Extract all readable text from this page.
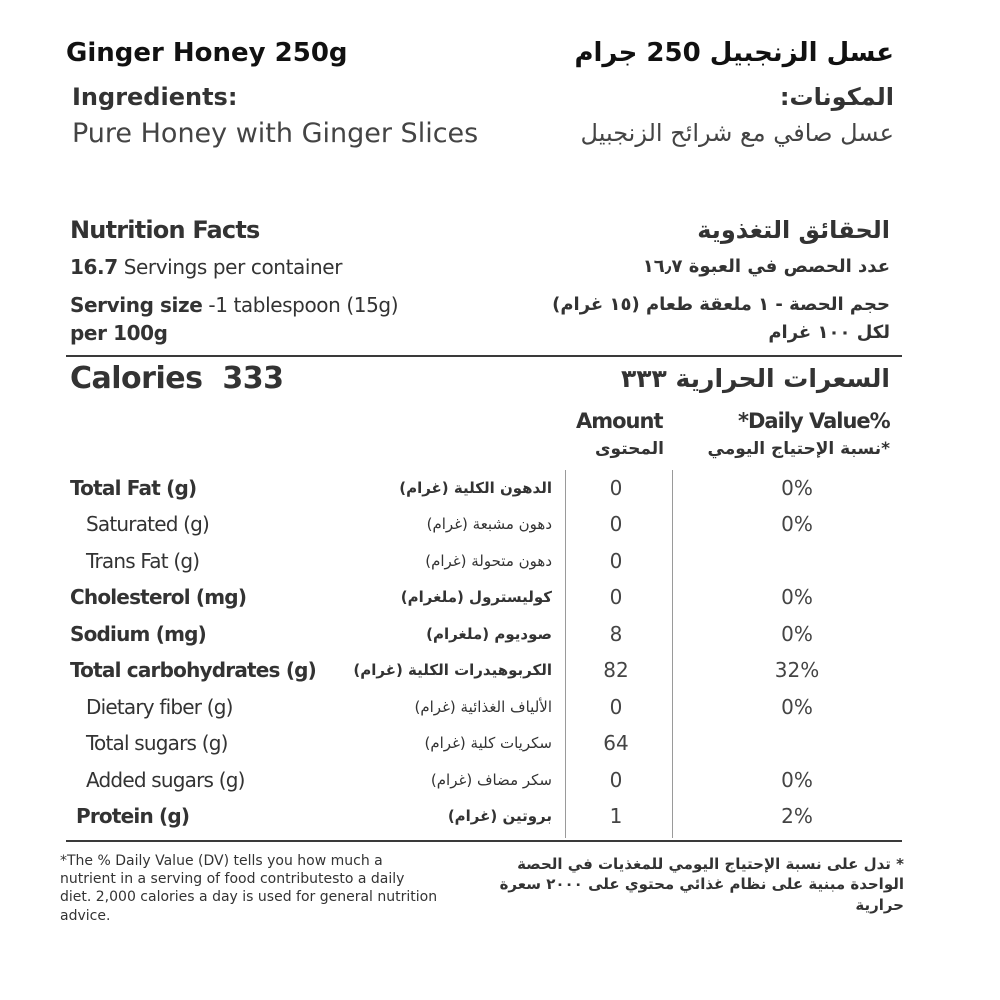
Ginger Honey 250g	عسل الزنجبيل 250 جرام
Ingredients:	المكونات:
Pure Honey with Ginger Slices	عسل صافي مع شرائح الزنجبيل
Nutrition Facts	الحقائق التغذوية
16.7 Servings per container	عدد الحصص في العبوة ١٦٫٧
Serving size -1 tablespoon (15g)	حجم الحصة - ١ ملعقة طعام (١٥ غرام)
per 100g	لكل ١٠٠ غرام
Calories 333	السعرات الحرارية ٣٣٣
Amount
المحتوى
*Daily Value%
*نسبة الإحتياج اليومي
Total Fat (g)	الدهون الكلية (غرام)	0	0%
Saturated (g)	دهون مشبعة (غرام)	0	0%
Trans Fat (g)	دهون متحولة (غرام)	0
Cholesterol (mg)	كوليسترول (ملغرام)	0	0%
Sodium (mg)	صوديوم (ملغرام)	8	0%
Total carbohydrates (g) الكربوهيدرات الكلية (غرام)	82	32%
Dietary fiber (g)	الألياف الغذائية (غرام)	0	0%
Total sugars (g)	سكريات كلية (غرام)	64
Added sugars (g)	سكر مضاف (غرام)	0	0%
Protein (g)	بروتين (غرام)	1	2%
*The % Daily Value (DV) tells you how much a nutrient in a serving of food contributesto a daily diet. 2,000 calories a day is used for general nutrition advice.
* تدل على نسبة الإحتياج اليومي للمغذيات في الحصة الواحدة مبنية على نظام غذائي محتوي على ٢٠٠٠ سعرة حرارية
